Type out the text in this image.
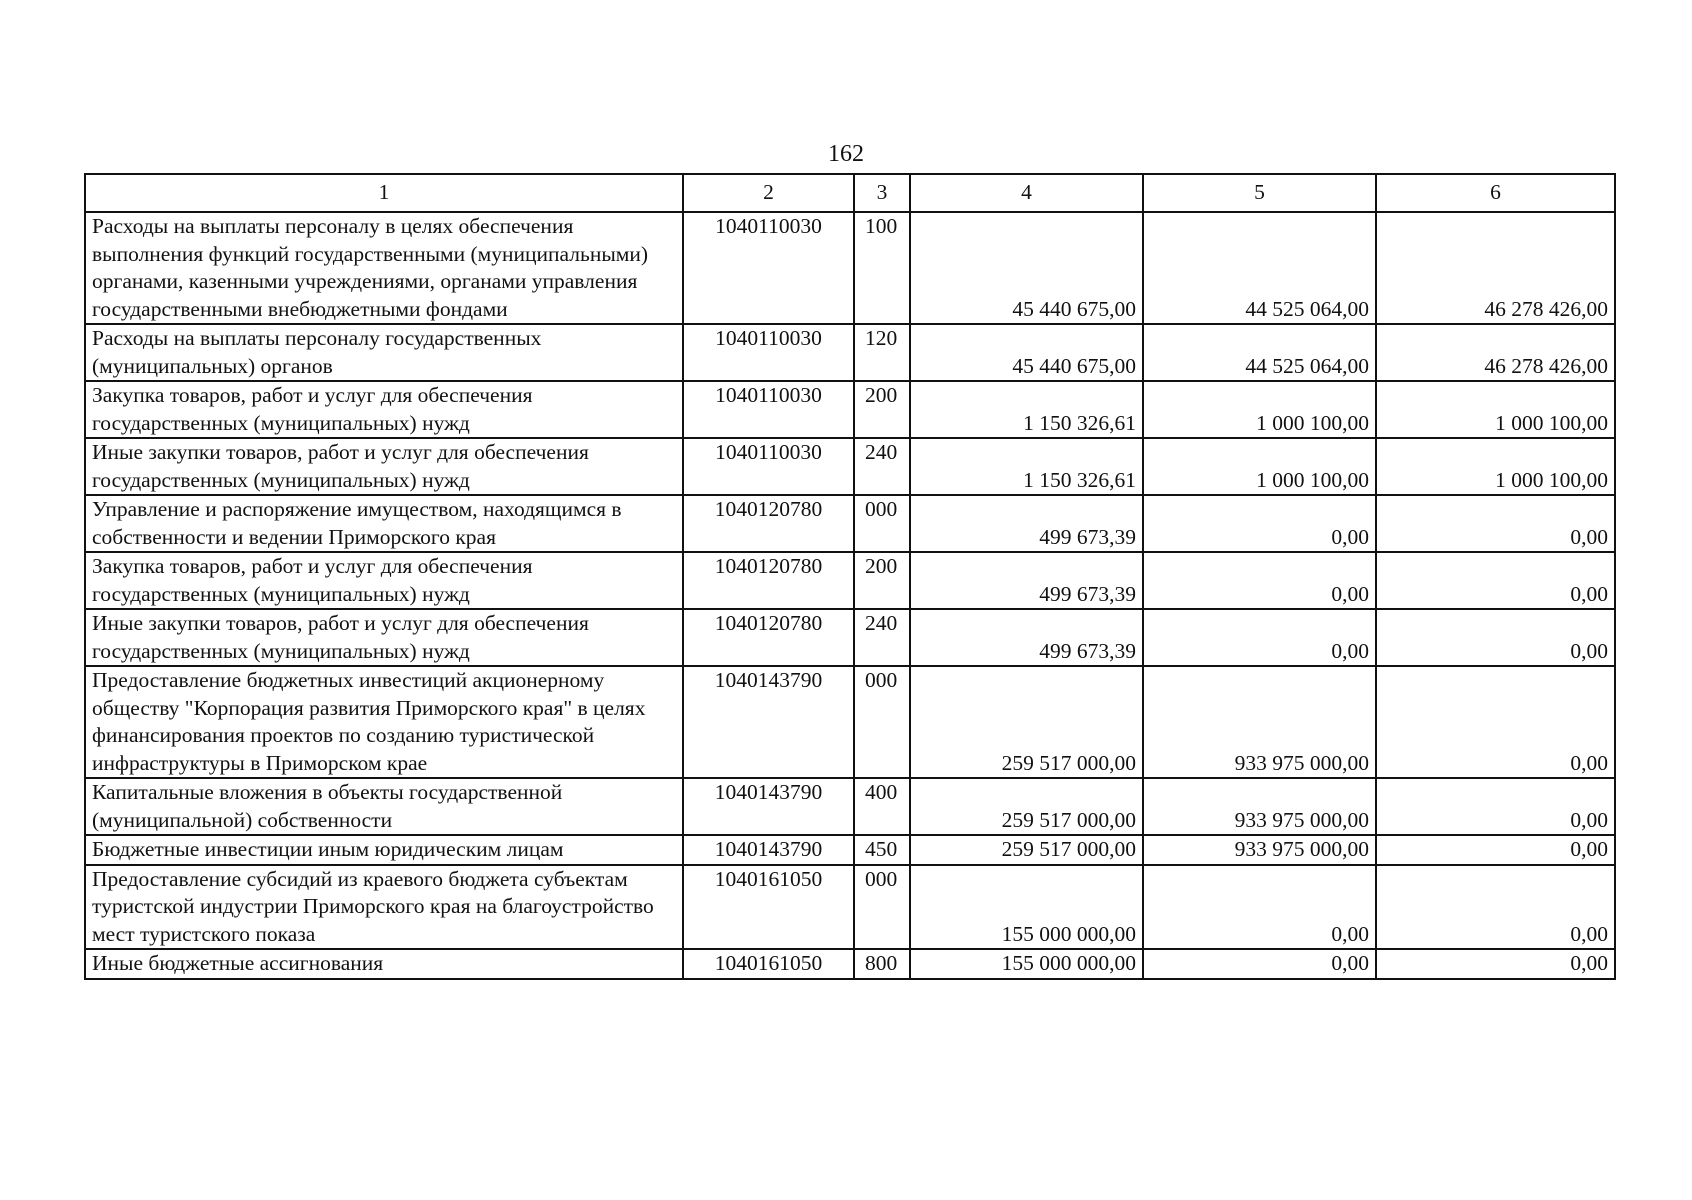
162
1	2	3	4	5	6
Расходы на выплаты персоналу в целях обеспечения выполнения функций государственными (муниципальными) органами, казенными учреждениями, органами управления государственными внебюджетными фондами	1040110030	100	45 440 675,00	44 525 064,00	46 278 426,00
Расходы на выплаты персоналу государственных (муниципальных) органов	1040110030	120	45 440 675,00	44 525 064,00	46 278 426,00
Закупка товаров, работ и услуг для обеспечения государственных (муниципальных) нужд	1040110030	200	1 150 326,61	1 000 100,00	1 000 100,00
Иные закупки товаров, работ и услуг для обеспечения государственных (муниципальных) нужд	1040110030	240	1 150 326,61	1 000 100,00	1 000 100,00
Управление и распоряжение имуществом, находящимся в собственности и ведении Приморского края	1040120780	000	499 673,39	0,00	0,00
Закупка товаров, работ и услуг для обеспечения государственных (муниципальных) нужд	1040120780	200	499 673,39	0,00	0,00
Иные закупки товаров, работ и услуг для обеспечения государственных (муниципальных) нужд	1040120780	240	499 673,39	0,00	0,00
Предоставление бюджетных инвестиций акционерному обществу "Корпорация развития Приморского края" в целях финансирования проектов по созданию туристической инфраструктуры в Приморском крае	1040143790	000	259 517 000,00	933 975 000,00	0,00
Капитальные вложения в объекты государственной (муниципальной) собственности	1040143790	400	259 517 000,00	933 975 000,00	0,00
Бюджетные инвестиции иным юридическим лицам	1040143790	450	259 517 000,00	933 975 000,00	0,00
Предоставление субсидий из краевого бюджета субъектам туристской индустрии Приморского края на благоустройство мест туристского показа	1040161050	000	155 000 000,00	0,00	0,00
Иные бюджетные ассигнования	1040161050	800	155 000 000,00	0,00	0,00
